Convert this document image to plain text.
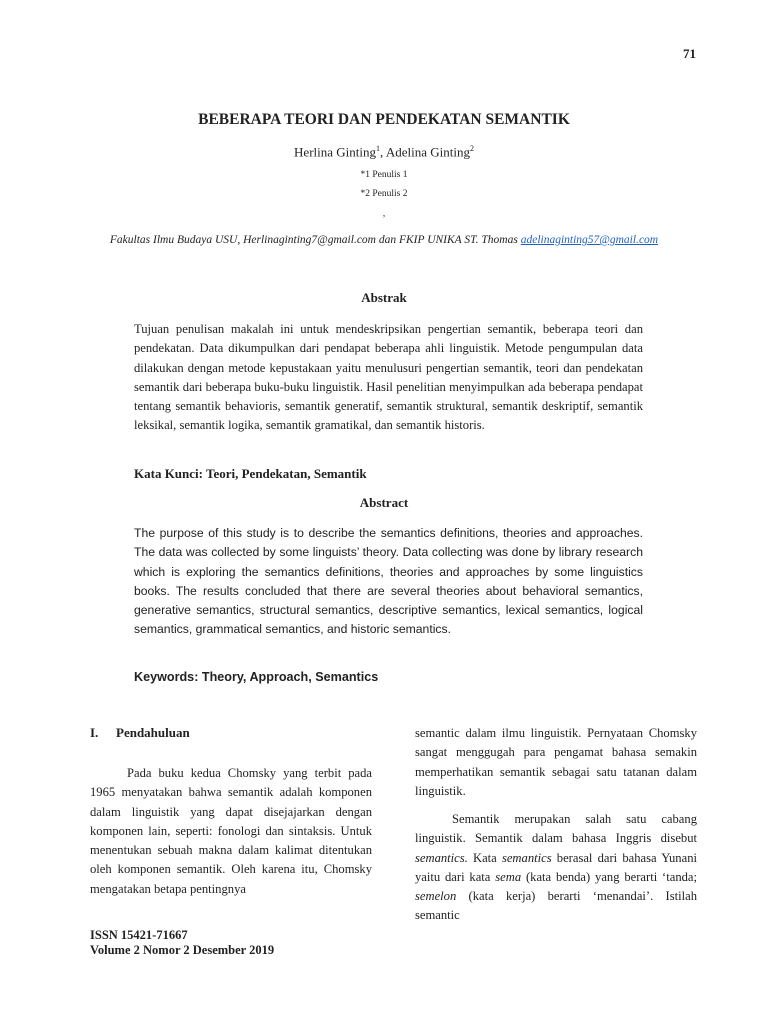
71
BEBERAPA TEORI DAN PENDEKATAN SEMANTIK
Herlina Ginting$^1$, Adelina Ginting$^2$
*1 Penulis 1
*2 Penulis 2
‚
Fakultas Ilmu Budaya USU, Herlinaginting7@gmail.com dan FKIP UNIKA ST. Thomas adelinaginting57@gmail.com
Abstrak
Tujuan penulisan makalah ini untuk mendeskripsikan pengertian semantik, beberapa teori dan pendekatan. Data dikumpulkan dari pendapat beberapa ahli linguistik. Metode pengumpulan data dilakukan dengan metode kepustakaan yaitu menulusuri pengertian semantik, teori dan pendekatan semantik dari beberapa buku-buku linguistik. Hasil penelitian menyimpulkan ada beberapa pendapat tentang semantik behavioris, semantik generatif, semantik struktural, semantik deskriptif, semantik leksikal, semantik logika, semantik gramatikal, dan semantik historis.
Kata Kunci: Teori, Pendekatan, Semantik
Abstract
The purpose of this study is to describe the semantics definitions, theories and approaches. The data was collected by some linguists’ theory. Data collecting was done by library research which is exploring the semantics definitions, theories and approaches by some linguistics books. The results concluded that there are several theories about behavioral semantics, generative semantics, structural semantics, descriptive semantics, lexical semantics, logical semantics, grammatical semantics, and historic semantics.
Keywords: Theory, Approach, Semantics
I. Pendahuluan
Pada buku kedua Chomsky yang terbit pada 1965 menyatakan bahwa semantik adalah komponen dalam linguistik yang dapat disejajarkan dengan komponen lain, seperti: fonologi dan sintaksis. Untuk menentukan sebuah makna dalam kalimat ditentukan oleh komponen semantik. Oleh karena itu, Chomsky mengatakan betapa pentingnya
semantic dalam ilmu linguistik. Pernyataan Chomsky sangat menggugah para pengamat bahasa semakin memperhatikan semantik sebagai satu tatanan dalam linguistik.
Semantik merupakan salah satu cabang linguistik. Semantik dalam bahasa Inggris disebut semantics. Kata semantics berasal dari bahasa Yunani yaitu dari kata sema (kata benda) yang berarti ‘tanda; semelon (kata kerja) berarti ‘menandai’. Istilah semantic
ISSN 15421-71667
Volume 2 Nomor 2 Desember 2019
